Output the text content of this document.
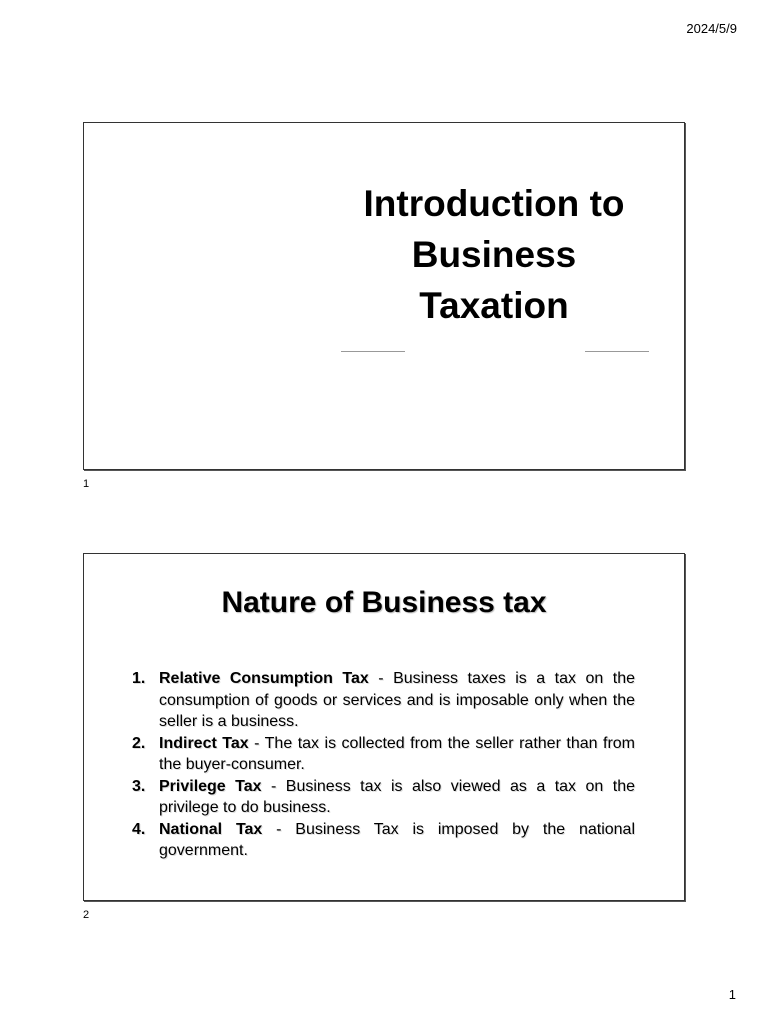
2024/5/9
Introduction to
Business
Taxation
1
Nature of Business tax
1. Relative Consumption Tax - Business taxes is a tax on the consumption of goods or services and is imposable only when the seller is a business.
2. Indirect Tax - The tax is collected from the seller rather than from the buyer-consumer.
3. Privilege Tax - Business tax is also viewed as a tax on the privilege to do business.
4. National Tax - Business Tax is imposed by the national government.
2
1
